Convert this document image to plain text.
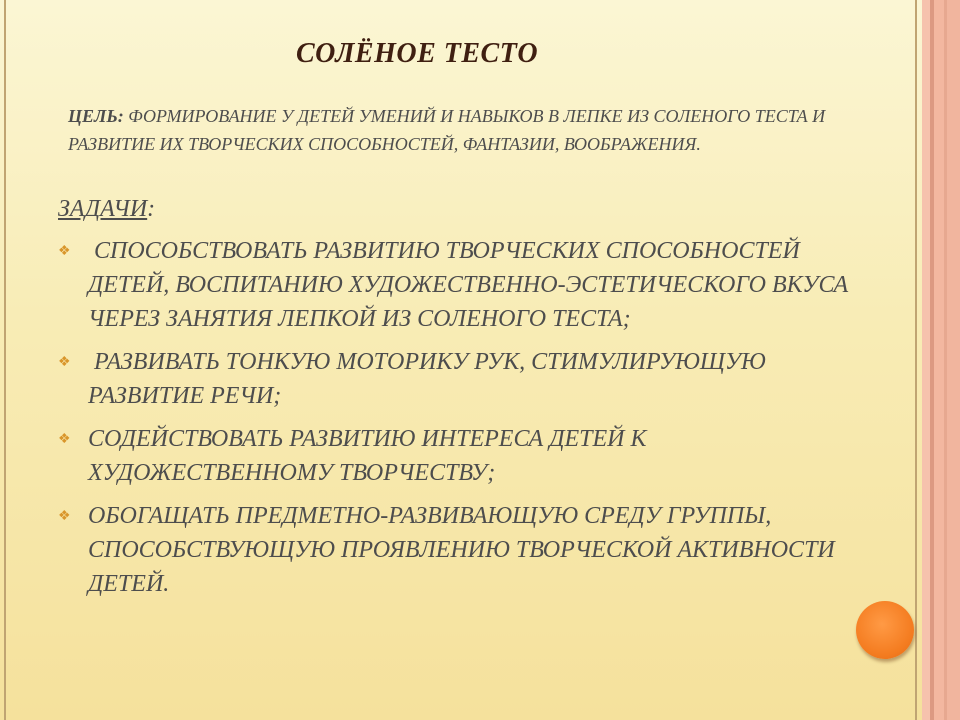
СОЛЁНОЕ ТЕСТО

ЦЕЛЬ: ФОРМИРОВАНИЕ У ДЕТЕЙ УМЕНИЙ И НАВЫКОВ В ЛЕПКЕ ИЗ СОЛЕНОГО ТЕСТА И РАЗВИТИЕ ИХ ТВОРЧЕСКИХ СПОСОБНОСТЕЙ, ФАНТАЗИИ, ВООБРАЖЕНИЯ.

ЗАДАЧИ:

❖ СПОСОБСТВОВАТЬ РАЗВИТИЮ ТВОРЧЕСКИХ СПОСОБНОСТЕЙ ДЕТЕЙ, ВОСПИТАНИЮ ХУДОЖЕСТВЕННО-ЭСТЕТИЧЕСКОГО ВКУСА ЧЕРЕЗ ЗАНЯТИЯ ЛЕПКОЙ ИЗ СОЛЕНОГО ТЕСТА;
❖ РАЗВИВАТЬ ТОНКУЮ МОТОРИКУ РУК, СТИМУЛИРУЮЩУЮ РАЗВИТИЕ РЕЧИ;
❖ СОДЕЙСТВОВАТЬ РАЗВИТИЮ ИНТЕРЕСА ДЕТЕЙ К ХУДОЖЕСТВЕННОМУ ТВОРЧЕСТВУ;
❖ ОБОГАЩАТЬ ПРЕДМЕТНО-РАЗВИВАЮЩУЮ СРЕДУ ГРУППЫ, СПОСОБСТВУЮЩУЮ ПРОЯВЛЕНИЮ ТВОРЧЕСКОЙ АКТИВНОСТИ ДЕТЕЙ.
